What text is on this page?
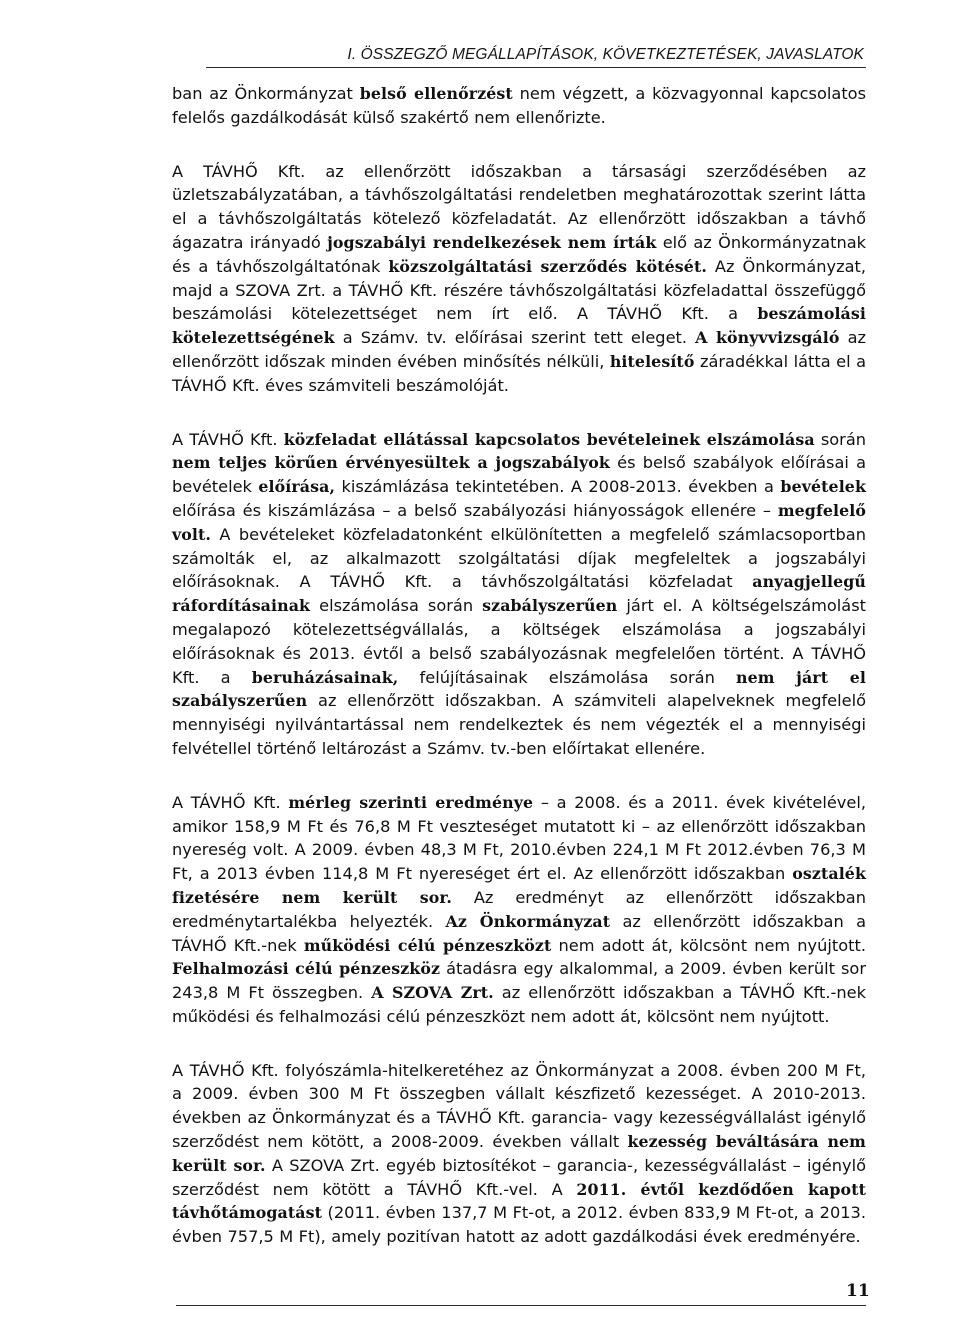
I. ÖSSZEGZŐ MEGÁLLAPÍTÁSOK, KÖVETKEZTETÉSEK, JAVASLATOK

ban az Önkormányzat belső ellenőrzést nem végzett, a közvagyonnal kapcsolatos felelős gazdálkodását külső szakértő nem ellenőrizte.

A TÁVHŐ Kft. az ellenőrzött időszakban a társasági szerződésében az üzletszabályzatában, a távhőszolgáltatási rendeletben meghatározottak szerint látta el a távhőszolgáltatás kötelező közfeladatát. Az ellenőrzött időszakban a távhő ágazatra irányadó jogszabályi rendelkezések nem írták elő az Önkormányzatnak és a távhőszolgáltatónak közszolgáltatási szerződés kötését. Az Önkormányzat, majd a SZOVA Zrt. a TÁVHŐ Kft. részére távhőszolgáltatási közfeladattal összefüggő beszámolási kötelezettséget nem írt elő. A TÁVHŐ Kft. a beszámolási kötelezettségének a Számv. tv. előírásai szerint tett eleget. A könyvvizsgáló az ellenőrzött időszak minden évében minősítés nélküli, hitelesítő záradékkal látta el a TÁVHŐ Kft. éves számviteli beszámolóját.

A TÁVHŐ Kft. közfeladat ellátással kapcsolatos bevételeinek elszámolása során nem teljes körűen érvényesültek a jogszabályok és belső szabályok előírásai a bevételek előírása, kiszámlázása tekintetében. A 2008-2013. években a bevételek előírása és kiszámlázása – a belső szabályozási hiányosságok ellenére – megfelelő volt. A bevételeket közfeladatonként elkülönítetten a megfelelő számlacsoportban számolták el, az alkalmazott szolgáltatási díjak megfeleltek a jogszabályi előírásoknak. A TÁVHŐ Kft. a távhőszolgáltatási közfeladat anyagjellegű ráfordításainak elszámolása során szabályszerűen járt el. A költségelszámolást megalapozó kötelezettségvállalás, a költségek elszámolása a jogszabályi előírásoknak és 2013. évtől a belső szabályozásnak megfelelően történt. A TÁVHŐ Kft. a beruházásainak, felújításainak elszámolása során nem járt el szabályszerűen az ellenőrzött időszakban. A számviteli alapelveknek megfelelő mennyiségi nyilvántartással nem rendelkeztek és nem végezték el a mennyiségi felvétellel történő leltározást a Számv. tv.-ben előírtakat ellenére.

A TÁVHŐ Kft. mérleg szerinti eredménye – a 2008. és a 2011. évek kivételével, amikor 158,9 M Ft és 76,8 M Ft veszteséget mutatott ki – az ellenőrzött időszakban nyereség volt. A 2009. évben 48,3 M Ft, 2010.évben 224,1 M Ft 2012.évben 76,3 M Ft, a 2013 évben 114,8 M Ft nyereséget ért el. Az ellenőrzött időszakban osztalék fizetésére nem került sor. Az eredményt az ellenőrzött időszakban eredménytartalékba helyezték. Az Önkormányzat az ellenőrzött időszakban a TÁVHŐ Kft.-nek működési célú pénzeszközt nem adott át, kölcsönt nem nyújtott. Felhalmozási célú pénzeszköz átadásra egy alkalommal, a 2009. évben került sor 243,8 M Ft összegben. A SZOVA Zrt. az ellenőrzött időszakban a TÁVHŐ Kft.-nek működési és felhalmozási célú pénzeszközt nem adott át, kölcsönt nem nyújtott.

A TÁVHŐ Kft. folyószámla-hitelkeretéhez az Önkormányzat a 2008. évben 200 M Ft, a 2009. évben 300 M Ft összegben vállalt készfizető kezességet. A 2010-2013. években az Önkormányzat és a TÁVHŐ Kft. garancia- vagy kezességvállalást igénylő szerződést nem kötött, a 2008-2009. években vállalt kezesség beváltására nem került sor. A SZOVA Zrt. egyéb biztosítékot – garancia-, kezességvállalást – igénylő szerződést nem kötött a TÁVHŐ Kft.-vel. A 2011. évtől kezdődően kapott távhőtámogatást (2011. évben 137,7 M Ft-ot, a 2012. évben 833,9 M Ft-ot, a 2013. évben 757,5 M Ft), amely pozitívan hatott az adott gazdálkodási évek eredményére.

11
